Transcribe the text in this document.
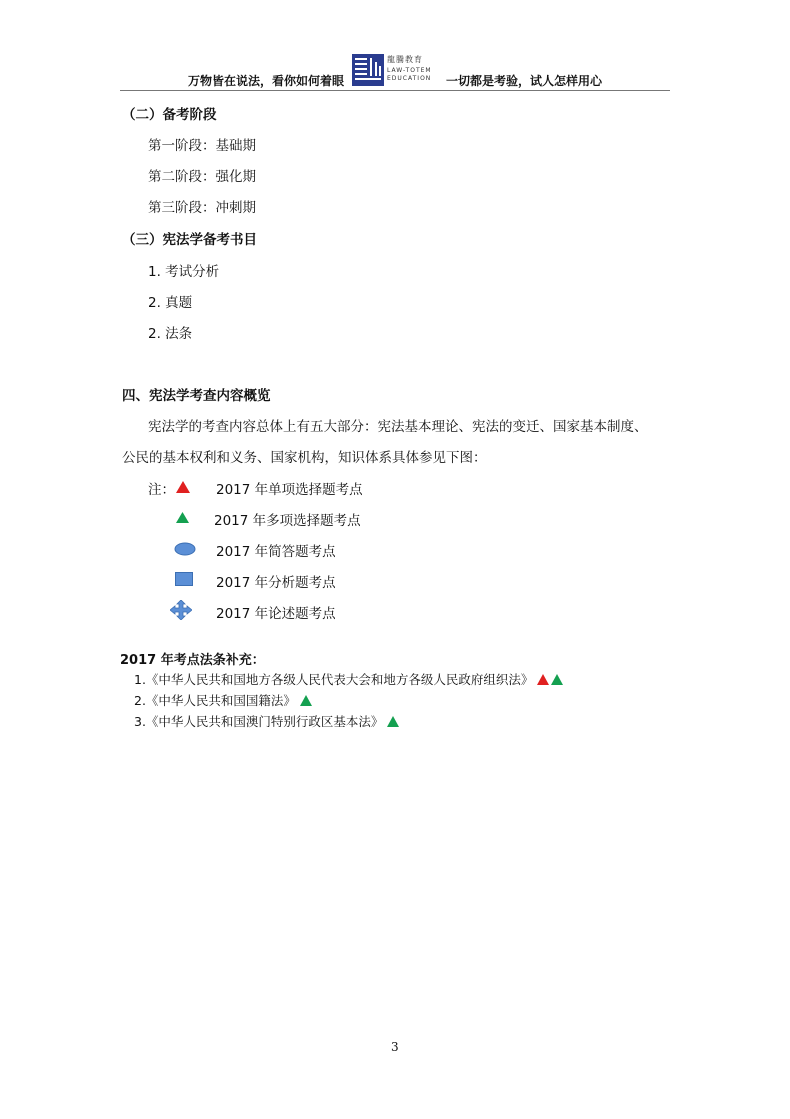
万物皆在说法，看你如何着眼
龍騰教育
LAW-TOTEM
EDUCATION 一切都是考验，试人怎样用心
（二）备考阶段
第一阶段：基础期
第二阶段：强化期
第三阶段：冲刺期
（三）宪法学备考书目
1. 考试分析
2. 真题
2. 法条
四、宪法学考查内容概览
宪法学的考查内容总体上有五大部分：宪法基本理论、宪法的变迁、国家基本制度、
公民的基本权利和义务、国家机构，知识体系具体参见下图：
注：	2017 年单项选择题考点
2017 年多项选择题考点
2017 年简答题考点
2017 年分析题考点
2017 年论述题考点
2017 年考点法条补充：
1.《中华人民共和国地方各级人民代表大会和地方各级人民政府组织法》
2.《中华人民共和国国籍法》
3.《中华人民共和国澳门特别行政区基本法》
3
